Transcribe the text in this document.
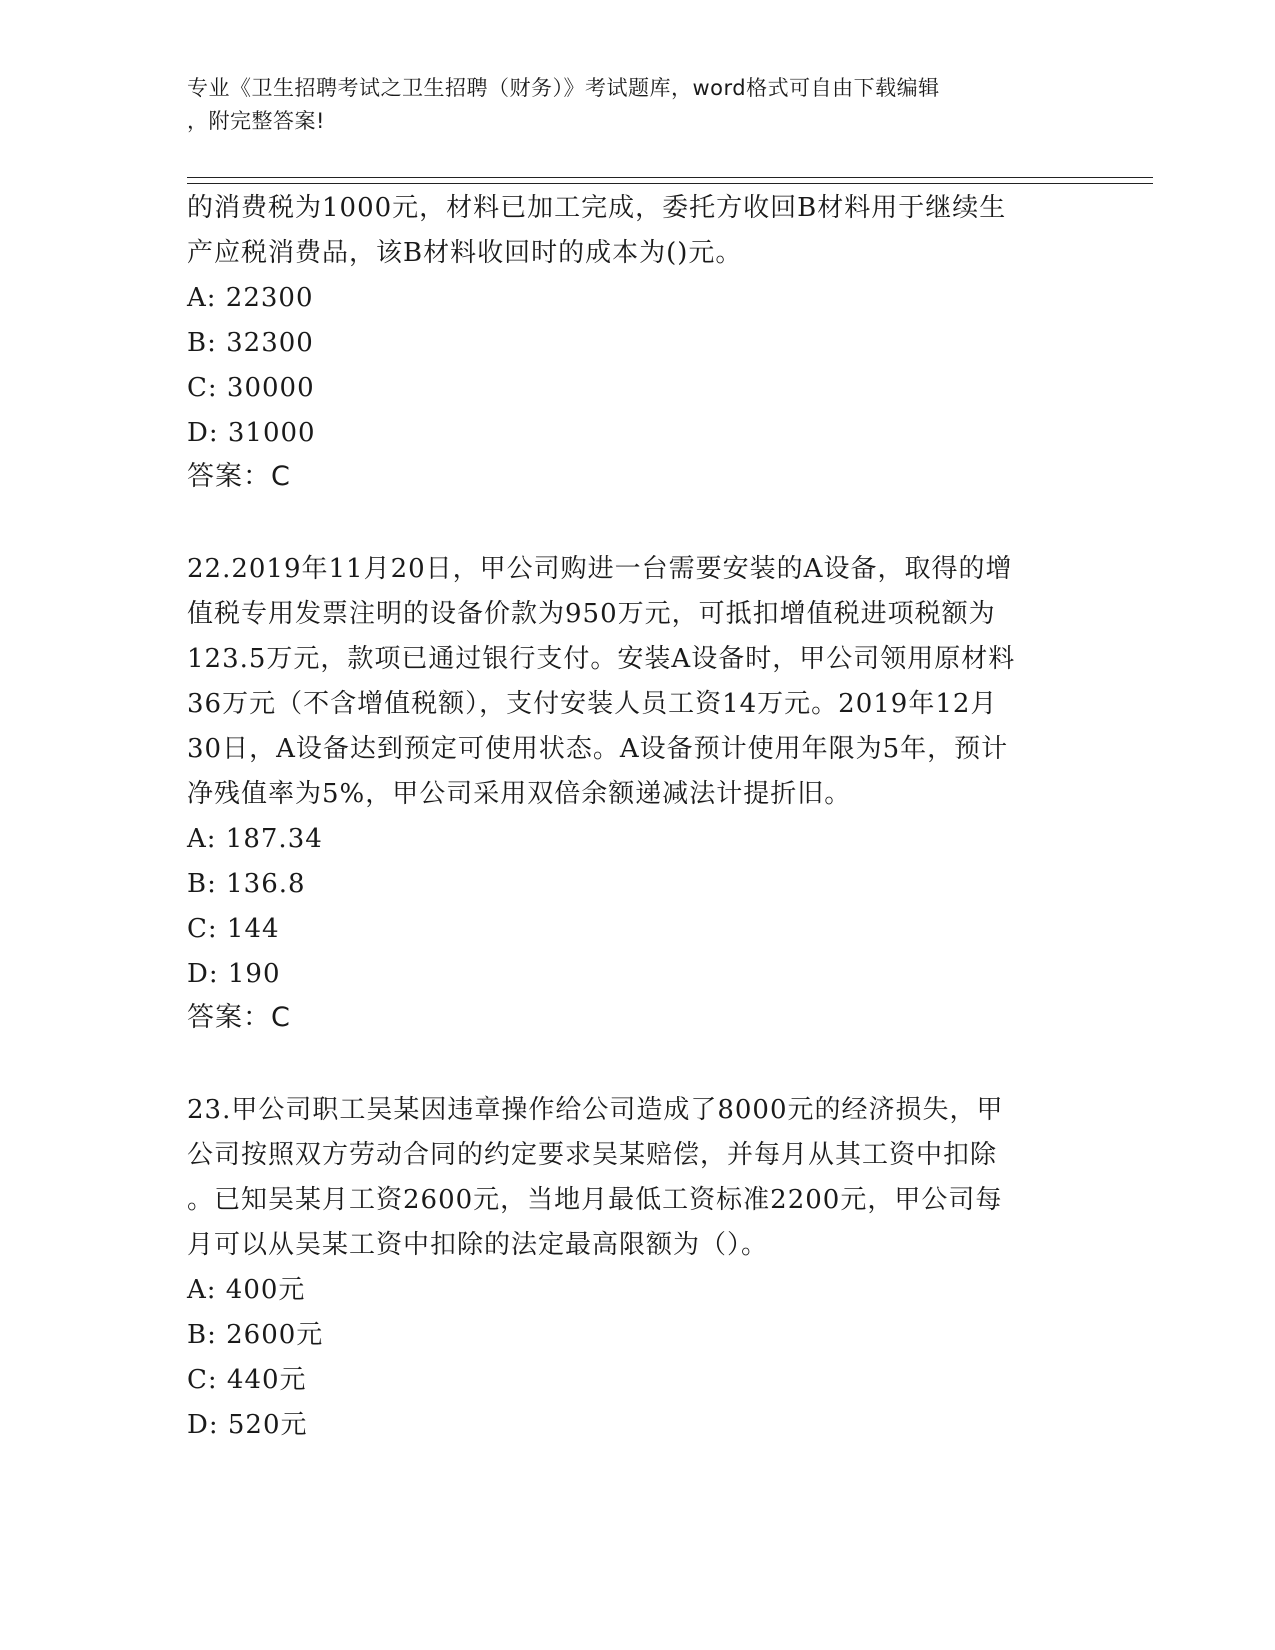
专业《卫生招聘考试之卫生招聘（财务）》考试题库，word格式可自由下载编辑
，附完整答案!

的消费税为1000元，材料已加工完成，委托方收回B材料用于继续生

产应税消费品，该B材料收回时的成本为()元。

A: 22300

B: 32300

C: 30000

D: 31000

答案：C

22.2019年11月20日，甲公司购进一台需要安装的A设备，取得的增

值税专用发票注明的设备价款为950万元，可抵扣增值税进项税额为

123.5万元，款项已通过银行支付。安装A设备时，甲公司领用原材料

36万元（不含增值税额），支付安装人员工资14万元。2019年12月

30日，A设备达到预定可使用状态。A设备预计使用年限为5年，预计

净残值率为5%，甲公司采用双倍余额递减法计提折旧。

A: 187.34

B: 136.8

C: 144

D: 190

答案：C

23.甲公司职工吴某因违章操作给公司造成了8000元的经济损失，甲

公司按照双方劳动合同的约定要求吴某赔偿，并每月从其工资中扣除

。已知吴某月工资2600元，当地月最低工资标准2200元，甲公司每

月可以从吴某工资中扣除的法定最高限额为（）。

A: 400元

B: 2600元

C: 440元

D: 520元
